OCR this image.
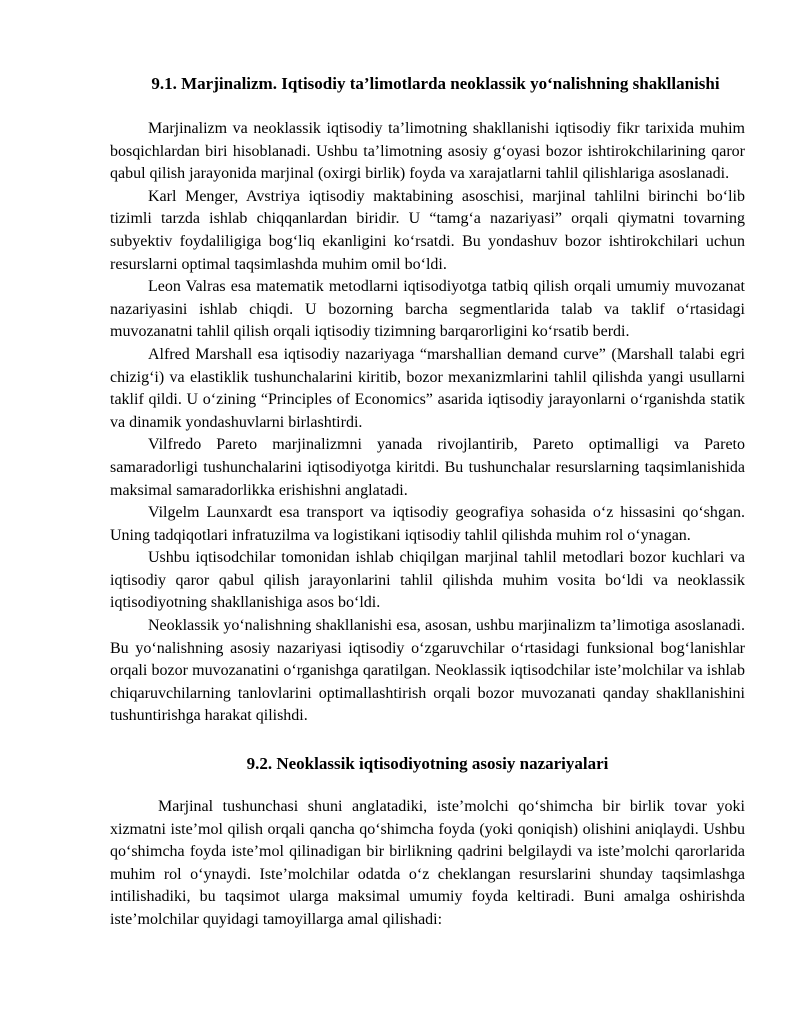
9.1. Marjinalizm. Iqtisodiy ta’limotlarda neoklassik yo‘nalishning shakllanishi

Marjinalizm va neoklassik iqtisodiy ta’limotning shakllanishi iqtisodiy fikr tarixida muhim bosqichlardan biri hisoblanadi. Ushbu ta’limotning asosiy g‘oyasi bozor ishtirokchilarining qaror qabul qilish jarayonida marjinal (oxirgi birlik) foyda va xarajatlarni tahlil qilishlariga asoslanadi.

Karl Menger, Avstriya iqtisodiy maktabining asoschisi, marjinal tahlilni birinchi bo‘lib tizimli tarzda ishlab chiqqanlardan biridir. U “tamg‘a nazariyasi” orqali qiymatni tovarning subyektiv foydaliligiga bog‘liq ekanligini ko‘rsatdi. Bu yondashuv bozor ishtirokchilari uchun resurslarni optimal taqsimlashda muhim omil bo‘ldi.

Leon Valras esa matematik metodlarni iqtisodiyotga tatbiq qilish orqali umumiy muvozanat nazariyasini ishlab chiqdi. U bozorning barcha segmentlarida talab va taklif o‘rtasidagi muvozanatni tahlil qilish orqali iqtisodiy tizimning barqarorligini ko‘rsatib berdi.

Alfred Marshall esa iqtisodiy nazariyaga “marshallian demand curve” (Marshall talabi egri chizig‘i) va elastiklik tushunchalarini kiritib, bozor mexanizmlarini tahlil qilishda yangi usullarni taklif qildi. U o‘zining “Principles of Economics” asarida iqtisodiy jarayonlarni o‘rganishda statik va dinamik yondashuvlarni birlashtirdi.

Vilfredo Pareto marjinalizmni yanada rivojlantirib, Pareto optimalligi va Pareto samaradorligi tushunchalarini iqtisodiyotga kiritdi. Bu tushunchalar resurslarning taqsimlanishida maksimal samaradorlikka erishishni anglatadi.

Vilgelm Launxardt esa transport va iqtisodiy geografiya sohasida o‘z hissasini qo‘shgan. Uning tadqiqotlari infratuzilma va logistikani iqtisodiy tahlil qilishda muhim rol o‘ynagan.

Ushbu iqtisodchilar tomonidan ishlab chiqilgan marjinal tahlil metodlari bozor kuchlari va iqtisodiy qaror qabul qilish jarayonlarini tahlil qilishda muhim vosita bo‘ldi va neoklassik iqtisodiyotning shakllanishiga asos bo‘ldi.

Neoklassik yo‘nalishning shakllanishi esa, asosan, ushbu marjinalizm ta’limotiga asoslanadi. Bu yo‘nalishning asosiy nazariyasi iqtisodiy o‘zgaruvchilar o‘rtasidagi funksional bog‘lanishlar orqali bozor muvozanatini o‘rganishga qaratilgan. Neoklassik iqtisodchilar iste’molchilar va ishlab chiqaruvchilarning tanlovlarini optimallashtirish orqali bozor muvozanati qanday shakllanishini tushuntirishga harakat qilishdi.

9.2. Neoklassik iqtisodiyotning asosiy nazariyalari

Marjinal tushunchasi shuni anglatadiki, iste’molchi qo‘shimcha bir birlik tovar yoki xizmatni iste’mol qilish orqali qancha qo‘shimcha foyda (yoki qoniqish) olishini aniqlaydi. Ushbu qo‘shimcha foyda iste’mol qilinadigan bir birlikning qadrini belgilaydi va iste’molchi qarorlarida muhim rol o‘ynaydi. Iste’molchilar odatda o‘z cheklangan resurslarini shunday taqsimlashga intilishadiki, bu taqsimot ularga maksimal umumiy foyda keltiradi. Buni amalga oshirishda iste’molchilar quyidagi tamoyillarga amal qilishadi:
